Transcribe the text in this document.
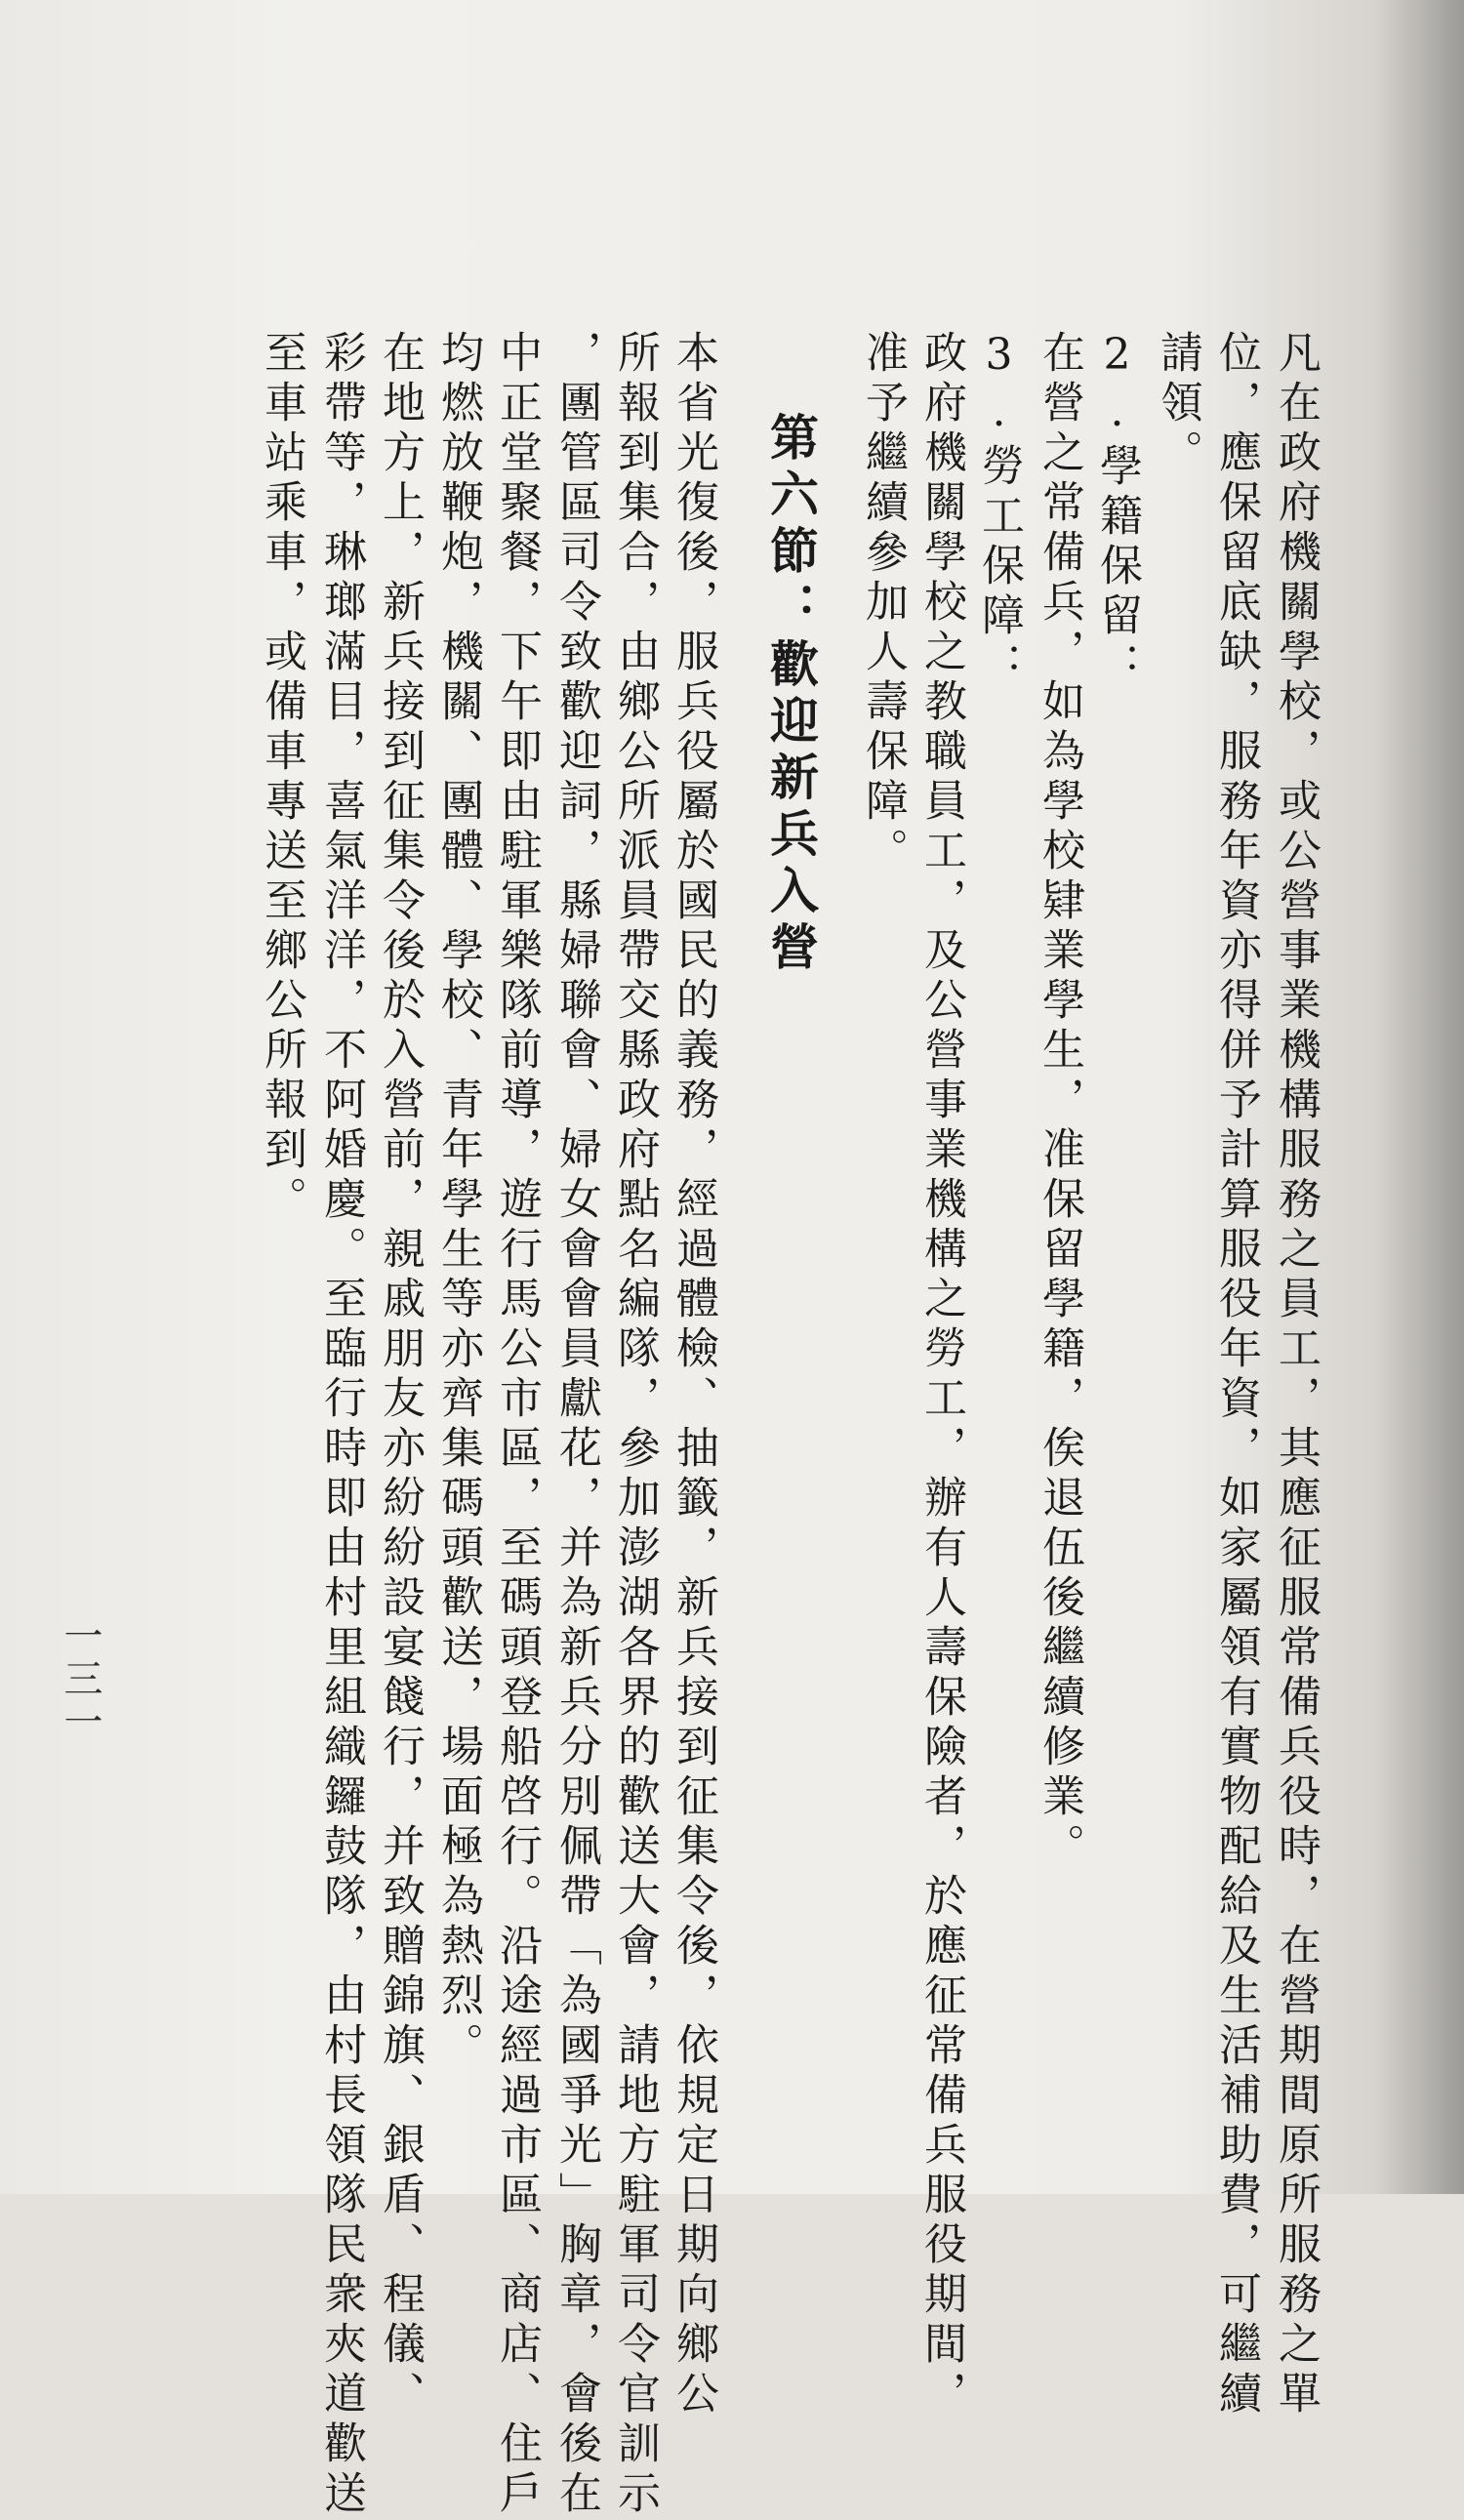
凡在政府機關學校，或公營事業機構服務之員工，其應征服常備兵役時，在營期間原所服務之單
位，應保留底缺，服務年資亦得併予計算服役年資，如家屬領有實物配給及生活補助費，可繼續
請領。
2.學籍保留：
在營之常備兵，如為學校肄業學生，准保留學籍，俟退伍後繼續修業。
3.勞工保障：
政府機關學校之教職員工，及公營事業機構之勞工，辦有人壽保險者，於應征常備兵服役期間，
准予繼續參加人壽保障。
第六節：歡迎新兵入營
本省光復後，服兵役屬於國民的義務，經過體檢、抽籤，新兵接到征集令後，依規定日期向鄉公
所報到集合，由鄉公所派員帶交縣政府點名編隊，參加澎湖各界的歡送大會，請地方駐軍司令官訓示
，團管區司令致歡迎詞，縣婦聯會、婦女會會員獻花，并為新兵分別佩帶「為國爭光」胸章，會後在
中正堂聚餐，下午即由駐軍樂隊前導，遊行馬公市區，至碼頭登船啓行。沿途經過市區、商店、住戶
均燃放鞭炮，機關、團體、學校、青年學生等亦齊集碼頭歡送，場面極為熱烈。
在地方上，新兵接到征集令後於入營前，親戚朋友亦紛紛設宴餞行，并致贈錦旗、銀盾、程儀、
彩帶等，琳瑯滿目，喜氣洋洋，不阿婚慶。至臨行時即由村里組織鑼鼓隊，由村長領隊民衆夾道歡送
至車站乘車，或備車專送至鄉公所報到。
一三一
